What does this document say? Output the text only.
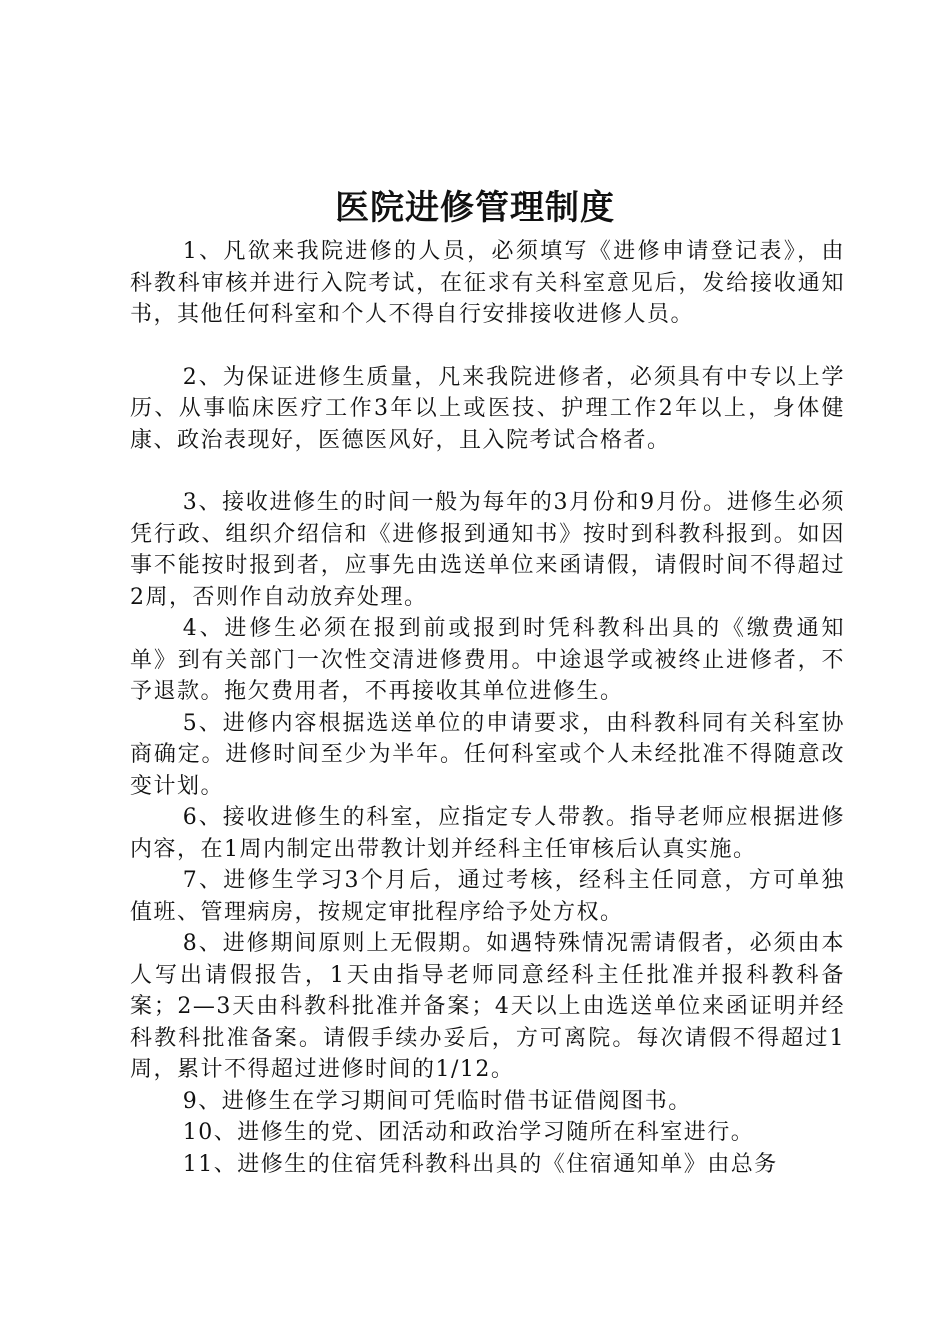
医院进修管理制度

1、凡欲来我院进修的人员，必须填写《进修申请登记表》，由科教科审核并进行入院考试，在征求有关科室意见后，发给接收通知书，其他任何科室和个人不得自行安排接收进修人员。

2、为保证进修生质量，凡来我院进修者，必须具有中专以上学历、从事临床医疗工作3年以上或医技、护理工作2年以上，身体健康、政治表现好，医德医风好，且入院考试合格者。

3、接收进修生的时间一般为每年的3月份和9月份。进修生必须凭行政、组织介绍信和《进修报到通知书》按时到科教科报到。如因事不能按时报到者，应事先由选送单位来函请假，请假时间不得超过2周，否则作自动放弃处理。

4、进修生必须在报到前或报到时凭科教科出具的《缴费通知单》到有关部门一次性交清进修费用。中途退学或被终止进修者，不予退款。拖欠费用者，不再接收其单位进修生。

5、进修内容根据选送单位的申请要求，由科教科同有关科室协商确定。进修时间至少为半年。任何科室或个人未经批准不得随意改变计划。

6、接收进修生的科室，应指定专人带教。指导老师应根据进修内容，在1周内制定出带教计划并经科主任审核后认真实施。

7、进修生学习3个月后，通过考核，经科主任同意，方可单独值班、管理病房，按规定审批程序给予处方权。

8、进修期间原则上无假期。如遇特殊情况需请假者，必须由本人写出请假报告，1天由指导老师同意经科主任批准并报科教科备案；2—3天由科教科批准并备案；4天以上由选送单位来函证明并经科教科批准备案。请假手续办妥后，方可离院。每次请假不得超过1周，累计不得超过进修时间的1/12。

9、进修生在学习期间可凭临时借书证借阅图书。

10、进修生的党、团活动和政治学习随所在科室进行。

11、进修生的住宿凭科教科出具的《住宿通知单》由总务
